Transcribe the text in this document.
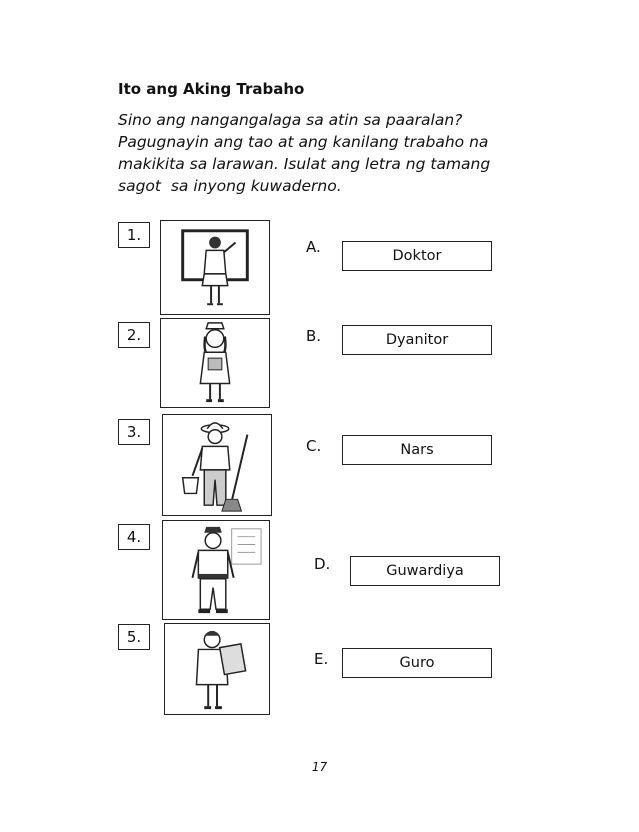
Ito ang Aking Trabaho
Sino ang nangangalaga sa atin sa paaralan?
Pagugnayin ang tao at ang kanilang trabaho na
makikita sa larawan. Isulat ang letra ng tamang
sagot  sa inyong kuwaderno.
1.
2.
3.
4.
5.
A.
B.
C.
D.
E.
Doktor
Dyanitor
Nars
Guwardiya
Guro
17
